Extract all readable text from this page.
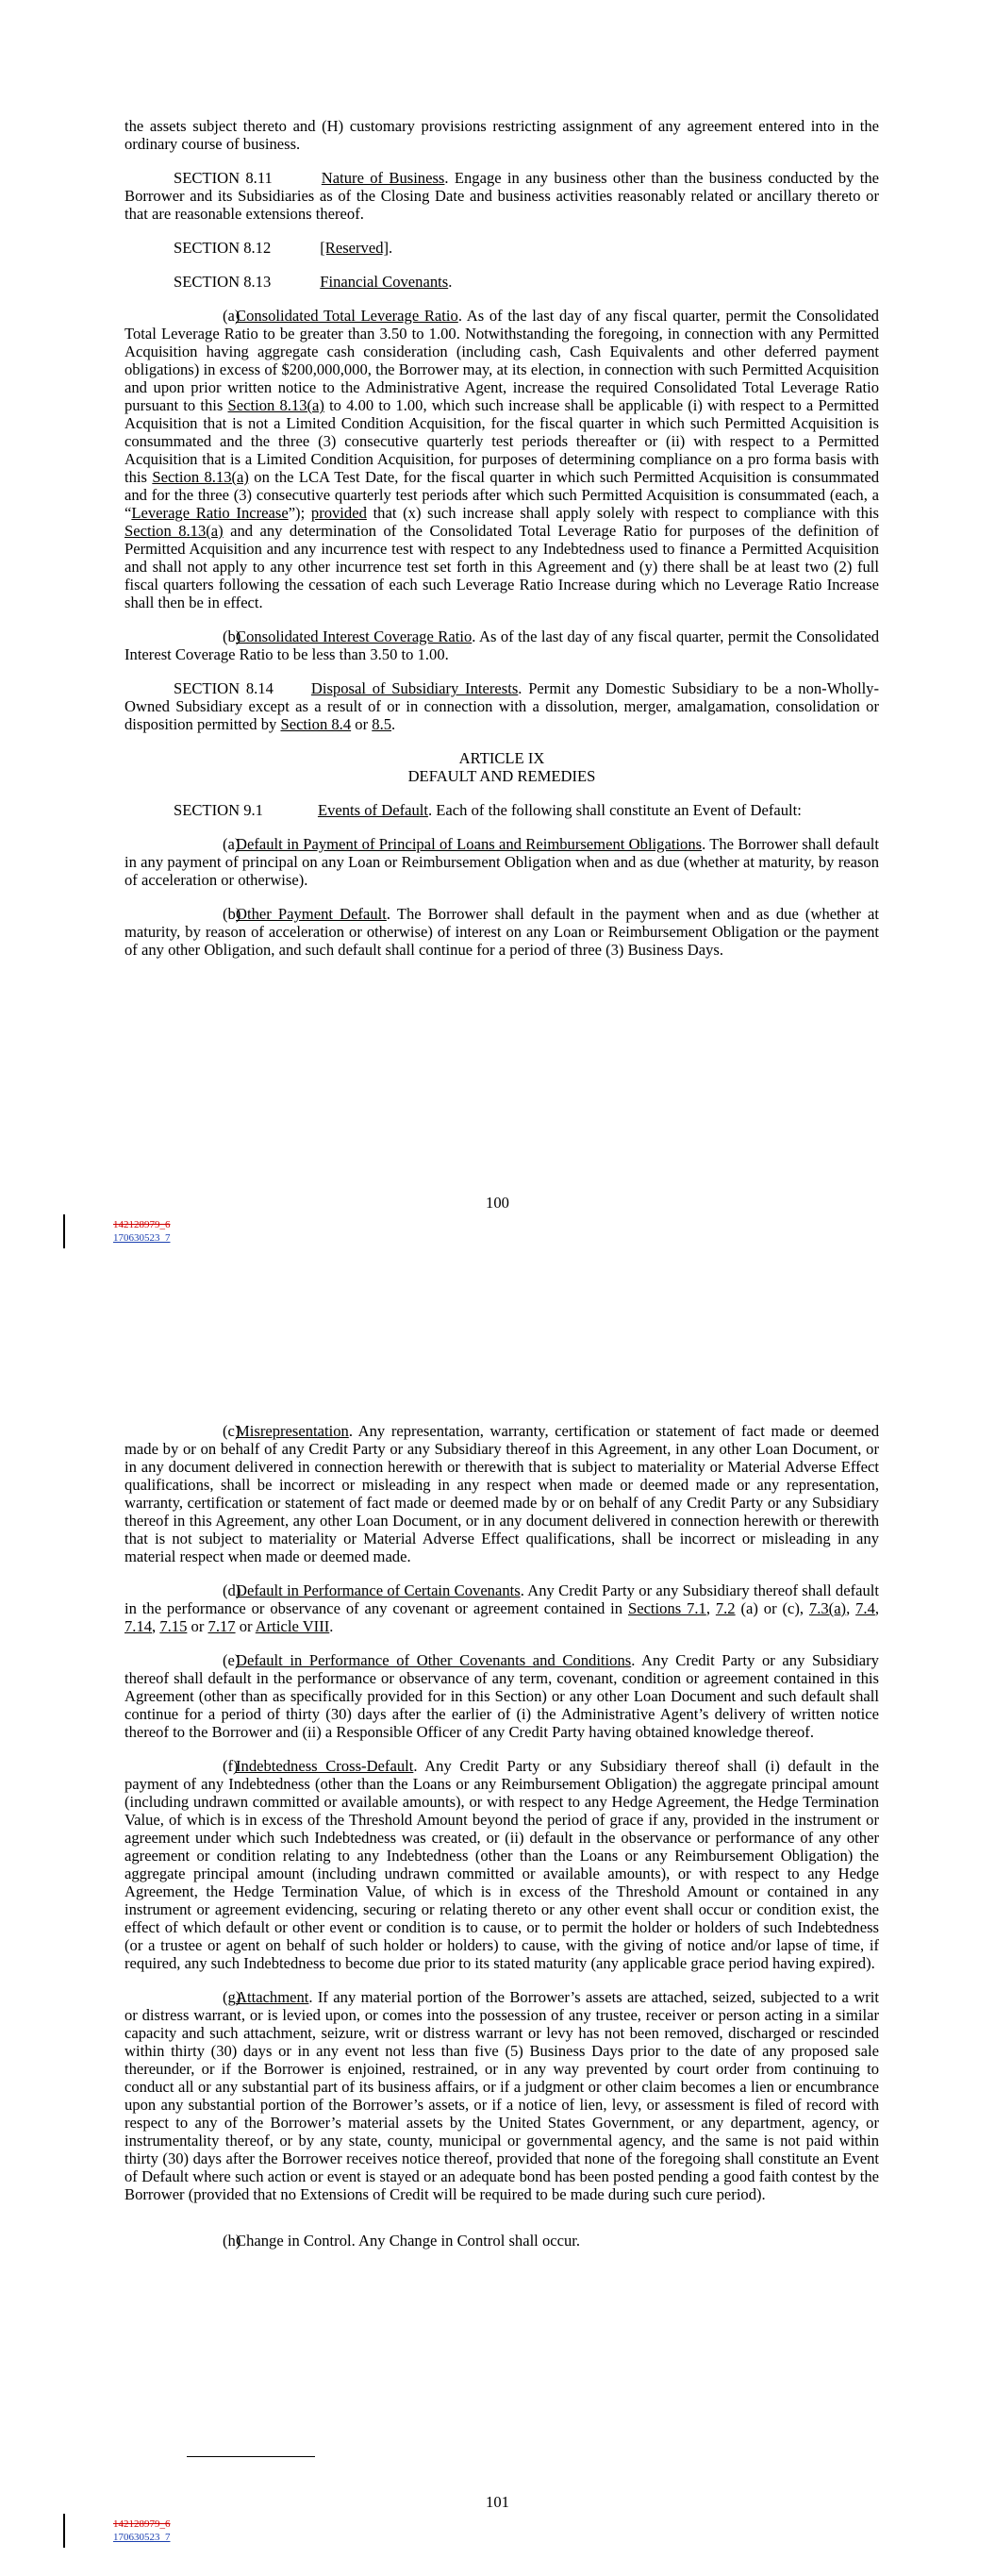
the assets subject thereto and (H) customary provisions restricting assignment of any agreement entered into in the ordinary course of business.

SECTION 8.11	Nature of Business. Engage in any business other than the business conducted by the Borrower and its Subsidiaries as of the Closing Date and business activities reasonably related or ancillary thereto or that are reasonable extensions thereof.

SECTION 8.12	[Reserved].

SECTION 8.13	Financial Covenants.

(a)Consolidated Total Leverage Ratio. As of the last day of any fiscal quarter, permit the Consolidated Total Leverage Ratio to be greater than 3.50 to 1.00. Notwithstanding the foregoing, in connection with any Permitted Acquisition having aggregate cash consideration (including cash, Cash Equivalents and other deferred payment obligations) in excess of $200,000,000, the Borrower may, at its election, in connection with such Permitted Acquisition and upon prior written notice to the Administrative Agent, increase the required Consolidated Total Leverage Ratio pursuant to this Section 8.13(a) to 4.00 to 1.00, which such increase shall be applicable (i) with respect to a Permitted Acquisition that is not a Limited Condition Acquisition, for the fiscal quarter in which such Permitted Acquisition is consummated and the three (3) consecutive quarterly test periods thereafter or (ii) with respect to a Permitted Acquisition that is a Limited Condition Acquisition, for purposes of determining compliance on a pro forma basis with this Section 8.13(a) on the LCA Test Date, for the fiscal quarter in which such Permitted Acquisition is consummated and for the three (3) consecutive quarterly test periods after which such Permitted Acquisition is consummated (each, a “Leverage Ratio Increase”); provided that (x) such increase shall apply solely with respect to compliance with this Section 8.13(a) and any determination of the Consolidated Total Leverage Ratio for purposes of the definition of Permitted Acquisition and any incurrence test with respect to any Indebtedness used to finance a Permitted Acquisition and shall not apply to any other incurrence test set forth in this Agreement and (y) there shall be at least two (2) full fiscal quarters following the cessation of each such Leverage Ratio Increase during which no Leverage Ratio Increase shall then be in effect.

(b)Consolidated Interest Coverage Ratio. As of the last day of any fiscal quarter, permit the Consolidated Interest Coverage Ratio to be less than 3.50 to 1.00.

SECTION 8.14 Disposal of Subsidiary Interests. Permit any Domestic Subsidiary to be a non-Wholly-Owned Subsidiary except as a result of or in connection with a dissolution, merger, amalgamation, consolidation or disposition permitted by Section 8.4 or 8.5.

ARTICLE IX

DEFAULT AND REMEDIES

SECTION 9.1	Events of Default. Each of the following shall constitute an Event of Default:

(a)Default in Payment of Principal of Loans and Reimbursement Obligations. The Borrower shall default in any payment of principal on any Loan or Reimbursement Obligation when and as due (whether at maturity, by reason of acceleration or otherwise).

(b)Other Payment Default. The Borrower shall default in the payment when and as due (whether at maturity, by reason of acceleration or otherwise) of interest on any Loan or Reimbursement Obligation or the payment of any other Obligation, and such default shall continue for a period of three (3) Business Days.

100
142128979_6
170630523_7

(c)Misrepresentation. Any representation, warranty, certification or statement of fact made or deemed made by or on behalf of any Credit Party or any Subsidiary thereof in this Agreement, in any other Loan Document, or in any document delivered in connection herewith or therewith that is subject to materiality or Material Adverse Effect qualifications, shall be incorrect or misleading in any respect when made or deemed made or any representation, warranty, certification or statement of fact made or deemed made by or on behalf of any Credit Party or any Subsidiary thereof in this Agreement, any other Loan Document, or in any document delivered in connection herewith or therewith that is not subject to materiality or Material Adverse Effect qualifications, shall be incorrect or misleading in any material respect when made or deemed made.

(d)Default in Performance of Certain Covenants. Any Credit Party or any Subsidiary thereof shall default in the performance or observance of any covenant or agreement contained in Sections 7.1, 7.2 (a) or (c), 7.3(a), 7.4, 7.14, 7.15 or 7.17 or Article VIII.

(e)Default in Performance of Other Covenants and Conditions. Any Credit Party or any Subsidiary thereof shall default in the performance or observance of any term, covenant, condition or agreement contained in this Agreement (other than as specifically provided for in this Section) or any other Loan Document and such default shall continue for a period of thirty (30) days after the earlier of (i) the Administrative Agent’s delivery of written notice thereof to the Borrower and (ii) a Responsible Officer of any Credit Party having obtained knowledge thereof.

(f)Indebtedness Cross-Default. Any Credit Party or any Subsidiary thereof shall (i) default in the payment of any Indebtedness (other than the Loans or any Reimbursement Obligation) the aggregate principal amount (including undrawn committed or available amounts), or with respect to any Hedge Agreement, the Hedge Termination Value, of which is in excess of the Threshold Amount beyond the period of grace if any, provided in the instrument or agreement under which such Indebtedness was created, or (ii) default in the observance or performance of any other agreement or condition relating to any Indebtedness (other than the Loans or any Reimbursement Obligation) the aggregate principal amount (including undrawn committed or available amounts), or with respect to any Hedge Agreement, the Hedge Termination Value, of which is in excess of the Threshold Amount or contained in any instrument or agreement evidencing, securing or relating thereto or any other event shall occur or condition exist, the effect of which default or other event or condition is to cause, or to permit the holder or holders of such Indebtedness (or a trustee or agent on behalf of such holder or holders) to cause, with the giving of notice and/or lapse of time, if required, any such Indebtedness to become due prior to its stated maturity (any applicable grace period having expired).

(g)Attachment. If any material portion of the Borrower’s assets are attached, seized, subjected to a writ or distress warrant, or is levied upon, or comes into the possession of any trustee, receiver or person acting in a similar capacity and such attachment, seizure, writ or distress warrant or levy has not been removed, discharged or rescinded within thirty (30) days or in any event not less than five (5) Business Days prior to the date of any proposed sale thereunder, or if the Borrower is enjoined, restrained, or in any way prevented by court order from continuing to conduct all or any substantial part of its business affairs, or if a judgment or other claim becomes a lien or encumbrance upon any substantial portion of the Borrower’s assets, or if a notice of lien, levy, or assessment is filed of record with respect to any of the Borrower’s material assets by the United States Government, or any department, agency, or instrumentality thereof, or by any state, county, municipal or governmental agency, and the same is not paid within thirty (30) days after the Borrower receives notice thereof, provided that none of the foregoing shall constitute an Event of Default where such action or event is stayed or an adequate bond has been posted pending a good faith contest by the Borrower (provided that no Extensions of Credit will be required to be made during such cure period).

(h)Change in Control. Any Change in Control shall occur.

101
142128979_6
170630523_7
